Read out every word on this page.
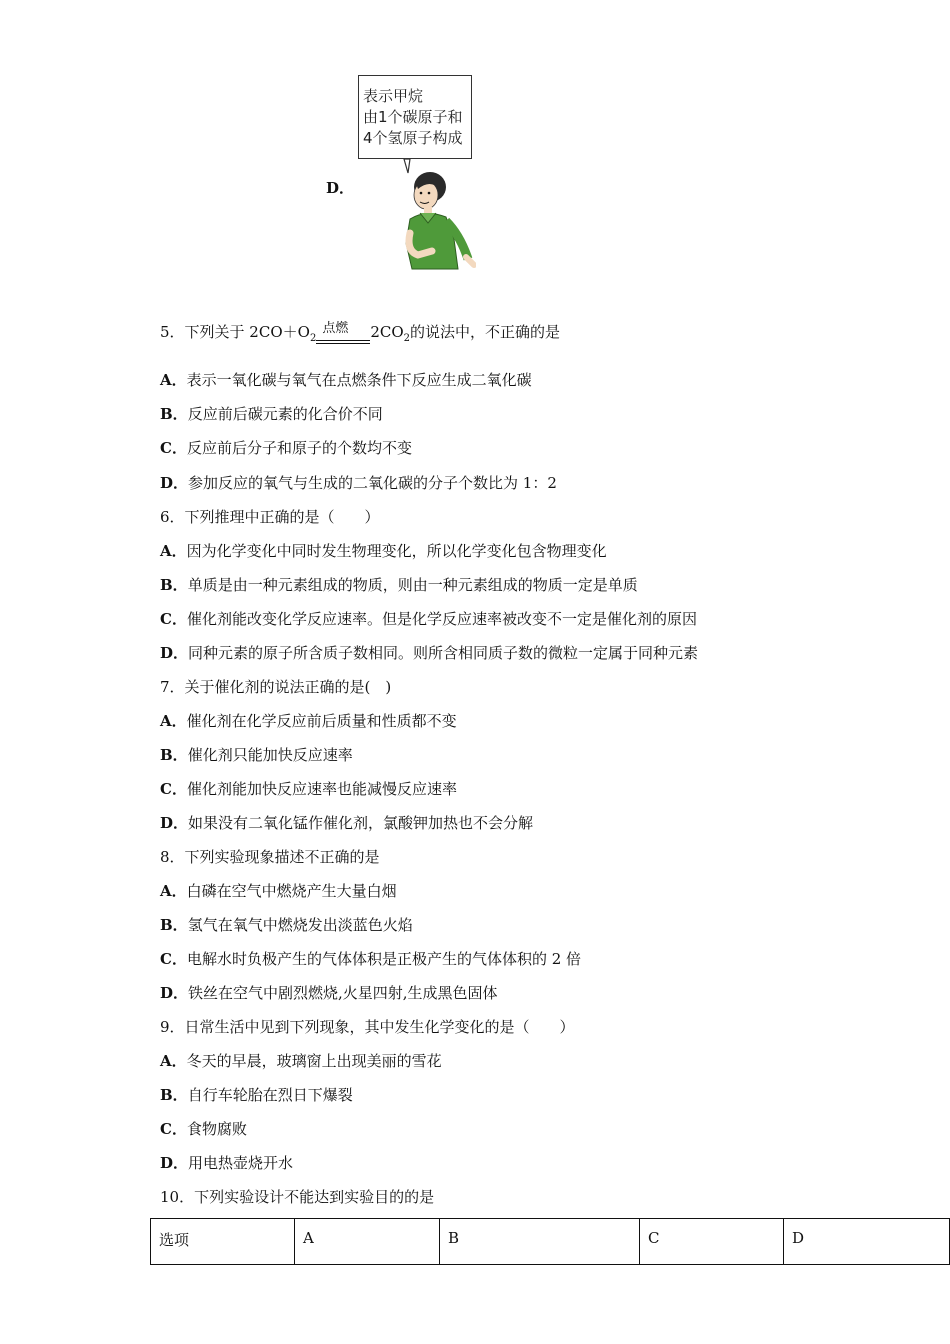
D．
表示甲烷
由1个碳原子和
4个氢原子构成
5．下列关于 $2CO+O_2$
点燃 $2CO_2$的说法中，不正确的是
A．表示一氧化碳与氧气在点燃条件下反应生成二氧化碳
B．反应前后碳元素的化合价不同
C．反应前后分子和原子的个数均不变
D．参加反应的氧气与生成的二氧化碳的分子个数比为 1：2
6．下列推理中正确的是（　　）
A．因为化学变化中同时发生物理变化，所以化学变化包含物理变化
B．单质是由一种元素组成的物质，则由一种元素组成的物质一定是单质
C．催化剂能改变化学反应速率。但是化学反应速率被改变不一定是催化剂的原因
D．同种元素的原子所含质子数相同。则所含相同质子数的微粒一定属于同种元素
7．关于催化剂的说法正确的是(　)
A．催化剂在化学反应前后质量和性质都不变
B．催化剂只能加快反应速率
C．催化剂能加快反应速率也能减慢反应速率
D．如果没有二氧化锰作催化剂，氯酸钾加热也不会分解
8．下列实验现象描述不正确的是
A．白磷在空气中燃烧产生大量白烟
B．氢气在氧气中燃烧发出淡蓝色火焰
C．电解水时负极产生的气体体积是正极产生的气体体积的 2 倍
D．铁丝在空气中剧烈燃烧,火星四射,生成黑色固体
9．日常生活中见到下列现象，其中发生化学变化的是（　　）
A．冬天的早晨，玻璃窗上出现美丽的雪花
B．自行车轮胎在烈日下爆裂
C．食物腐败
D．用电热壶烧开水
10．下列实验设计不能达到实验目的的是
选项	A	B	C	D
